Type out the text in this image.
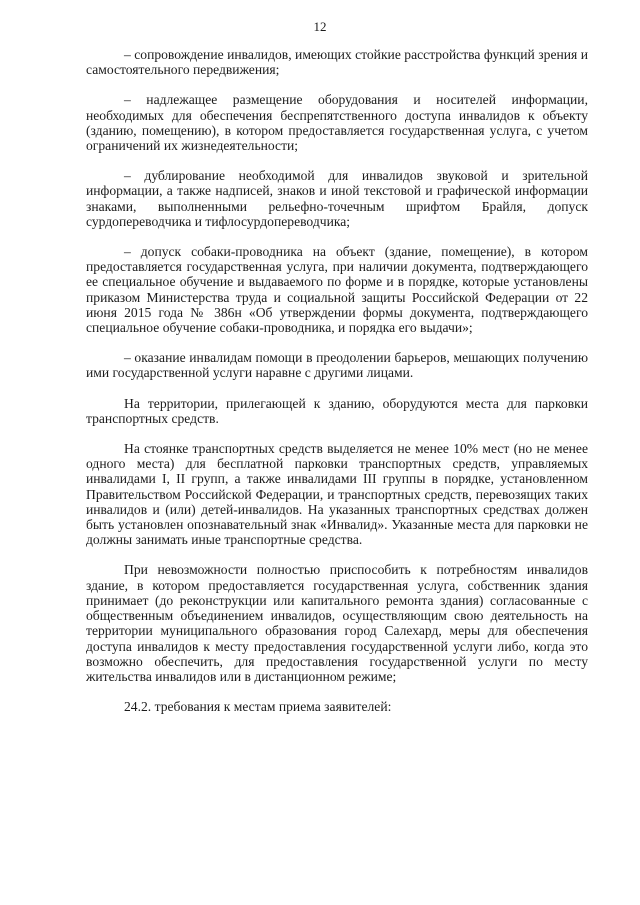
12

– сопровождение инвалидов, имеющих стойкие расстройства функций зрения и самостоятельного передвижения;

– надлежащее размещение оборудования и носителей информации, необходимых для обеспечения беспрепятственного доступа инвалидов к объекту (зданию, помещению), в котором предоставляется государственная услуга, с учетом ограничений их жизнедеятельности;

– дублирование необходимой для инвалидов звуковой и зрительной информации, а также надписей, знаков и иной текстовой и графической информации знаками, выполненными рельефно-точечным шрифтом Брайля, допуск сурдопереводчика и тифлосурдопереводчика;

– допуск собаки-проводника на объект (здание, помещение), в котором предоставляется государственная услуга, при наличии документа, подтверждающего ее специальное обучение и выдаваемого по форме и в порядке, которые установлены приказом Министерства труда и социальной защиты Российской Федерации от 22 июня 2015 года № 386н «Об утверждении формы документа, подтверждающего специальное обучение собаки-проводника, и порядка его выдачи»;

– оказание инвалидам помощи в преодолении барьеров, мешающих получению ими государственной услуги наравне с другими лицами.

На территории, прилегающей к зданию, оборудуются места для парковки транспортных средств.

На стоянке транспортных средств выделяется не менее 10% мест (но не менее одного места) для бесплатной парковки транспортных средств, управляемых инвалидами I, II групп, а также инвалидами III группы в порядке, установленном Правительством Российской Федерации, и транспортных средств, перевозящих таких инвалидов и (или) детей-инвалидов. На указанных транспортных средствах должен быть установлен опознавательный знак «Инвалид». Указанные места для парковки не должны занимать иные транспортные средства.

При невозможности полностью приспособить к потребностям инвалидов здание, в котором предоставляется государственная услуга, собственник здания принимает (до реконструкции или капитального ремонта здания) согласованные с общественным объединением инвалидов, осуществляющим свою деятельность на территории муниципального образования город Салехард, меры для обеспечения доступа инвалидов к месту предоставления государственной услуги либо, когда это возможно обеспечить, для предоставления государственной услуги по месту жительства инвалидов или в дистанционном режиме;

24.2. требования к местам приема заявителей:
